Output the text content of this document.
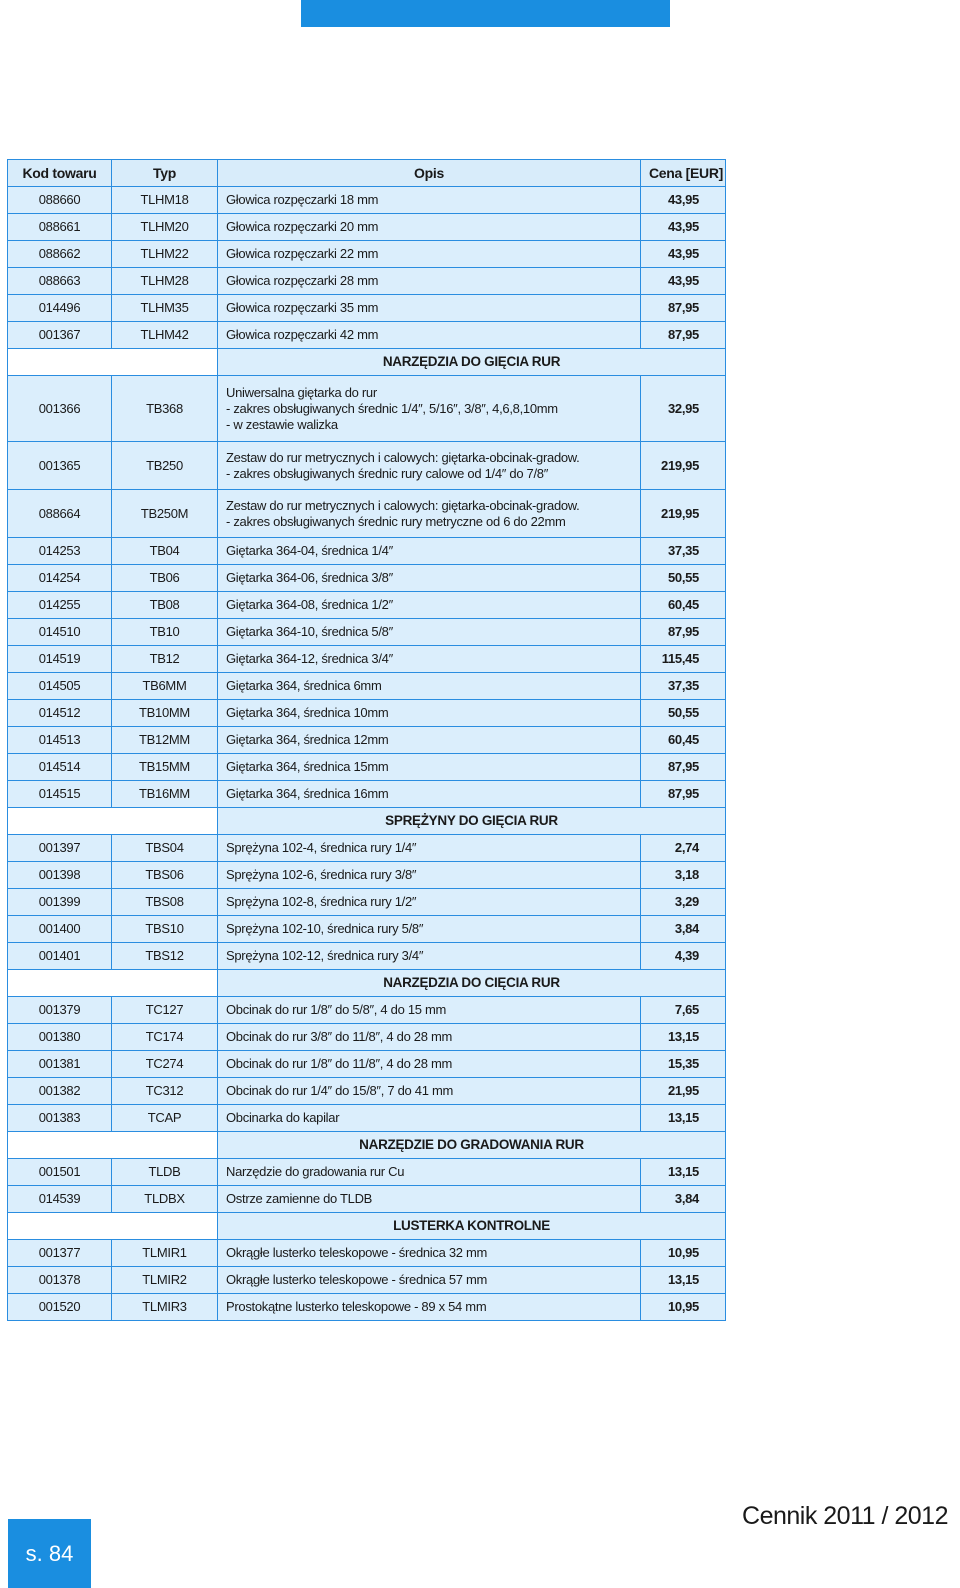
Kod towaru	Typ	Opis	Cena [EUR]
088660	TLHM18	Głowica rozpęczarki 18 mm	43,95
088661	TLHM20	Głowica rozpęczarki 20 mm	43,95
088662	TLHM22	Głowica rozpęczarki 22 mm	43,95
088663	TLHM28	Głowica rozpęczarki 28 mm	43,95
014496	TLHM35	Głowica rozpęczarki 35 mm	87,95
001367	TLHM42	Głowica rozpęczarki 42 mm	87,95
		NARZĘDZIA DO GIĘCIA RUR	
001366	TB368	Uniwersalna giętarka do rur
- zakres obsługiwanych średnic 1/4″, 5/16″, 3/8″, 4,6,8,10mm
- w zestawie walizka	32,95
001365	TB250	Zestaw do rur metrycznych i calowych: giętarka-obcinak-gradow.
- zakres obsługiwanych średnic rury calowe od 1/4″ do 7/8″	219,95
088664	TB250M	Zestaw do rur metrycznych i calowych: giętarka-obcinak-gradow.
- zakres obsługiwanych średnic rury metryczne od 6 do 22mm	219,95
014253	TB04	Giętarka 364-04, średnica 1/4″	37,35
014254	TB06	Giętarka 364-06, średnica 3/8″	50,55
014255	TB08	Giętarka 364-08, średnica 1/2″	60,45
014510	TB10	Giętarka 364-10, średnica 5/8″	87,95
014519	TB12	Giętarka 364-12, średnica 3/4″	115,45
014505	TB6MM	Giętarka 364, średnica 6mm	37,35
014512	TB10MM	Giętarka 364, średnica 10mm	50,55
014513	TB12MM	Giętarka 364, średnica 12mm	60,45
014514	TB15MM	Giętarka 364, średnica 15mm	87,95
014515	TB16MM	Giętarka 364, średnica 16mm	87,95
		SPRĘŻYNY DO GIĘCIA RUR	
001397	TBS04	Sprężyna 102-4, średnica rury 1/4″	2,74
001398	TBS06	Sprężyna 102-6, średnica rury 3/8″	3,18
001399	TBS08	Sprężyna 102-8, średnica rury 1/2″	3,29
001400	TBS10	Sprężyna 102-10, średnica rury 5/8″	3,84
001401	TBS12	Sprężyna 102-12, średnica rury 3/4″	4,39
		NARZĘDZIA DO CIĘCIA RUR	
001379	TC127	Obcinak do rur 1/8″ do 5/8″, 4 do 15 mm	7,65
001380	TC174	Obcinak do rur 3/8″ do 11/8″, 4 do 28 mm	13,15
001381	TC274	Obcinak do rur 1/8″ do 11/8″, 4 do 28 mm	15,35
001382	TC312	Obcinak do rur 1/4″ do 15/8″, 7 do 41 mm	21,95
001383	TCAP	Obcinarka do kapilar	13,15
		NARZĘDZIE DO GRADOWANIA RUR	
001501	TLDB	Narzędzie do gradowania rur Cu	13,15
014539	TLDBX	Ostrze zamienne do TLDB	3,84
		LUSTERKA KONTROLNE	
001377	TLMIR1	Okrągłe lusterko teleskopowe - średnica 32 mm	10,95
001378	TLMIR2	Okrągłe lusterko teleskopowe - średnica 57 mm	13,15
001520	TLMIR3	Prostokątne lusterko teleskopowe - 89 x 54 mm	10,95
s. 84
Cennik 2011 / 2012
